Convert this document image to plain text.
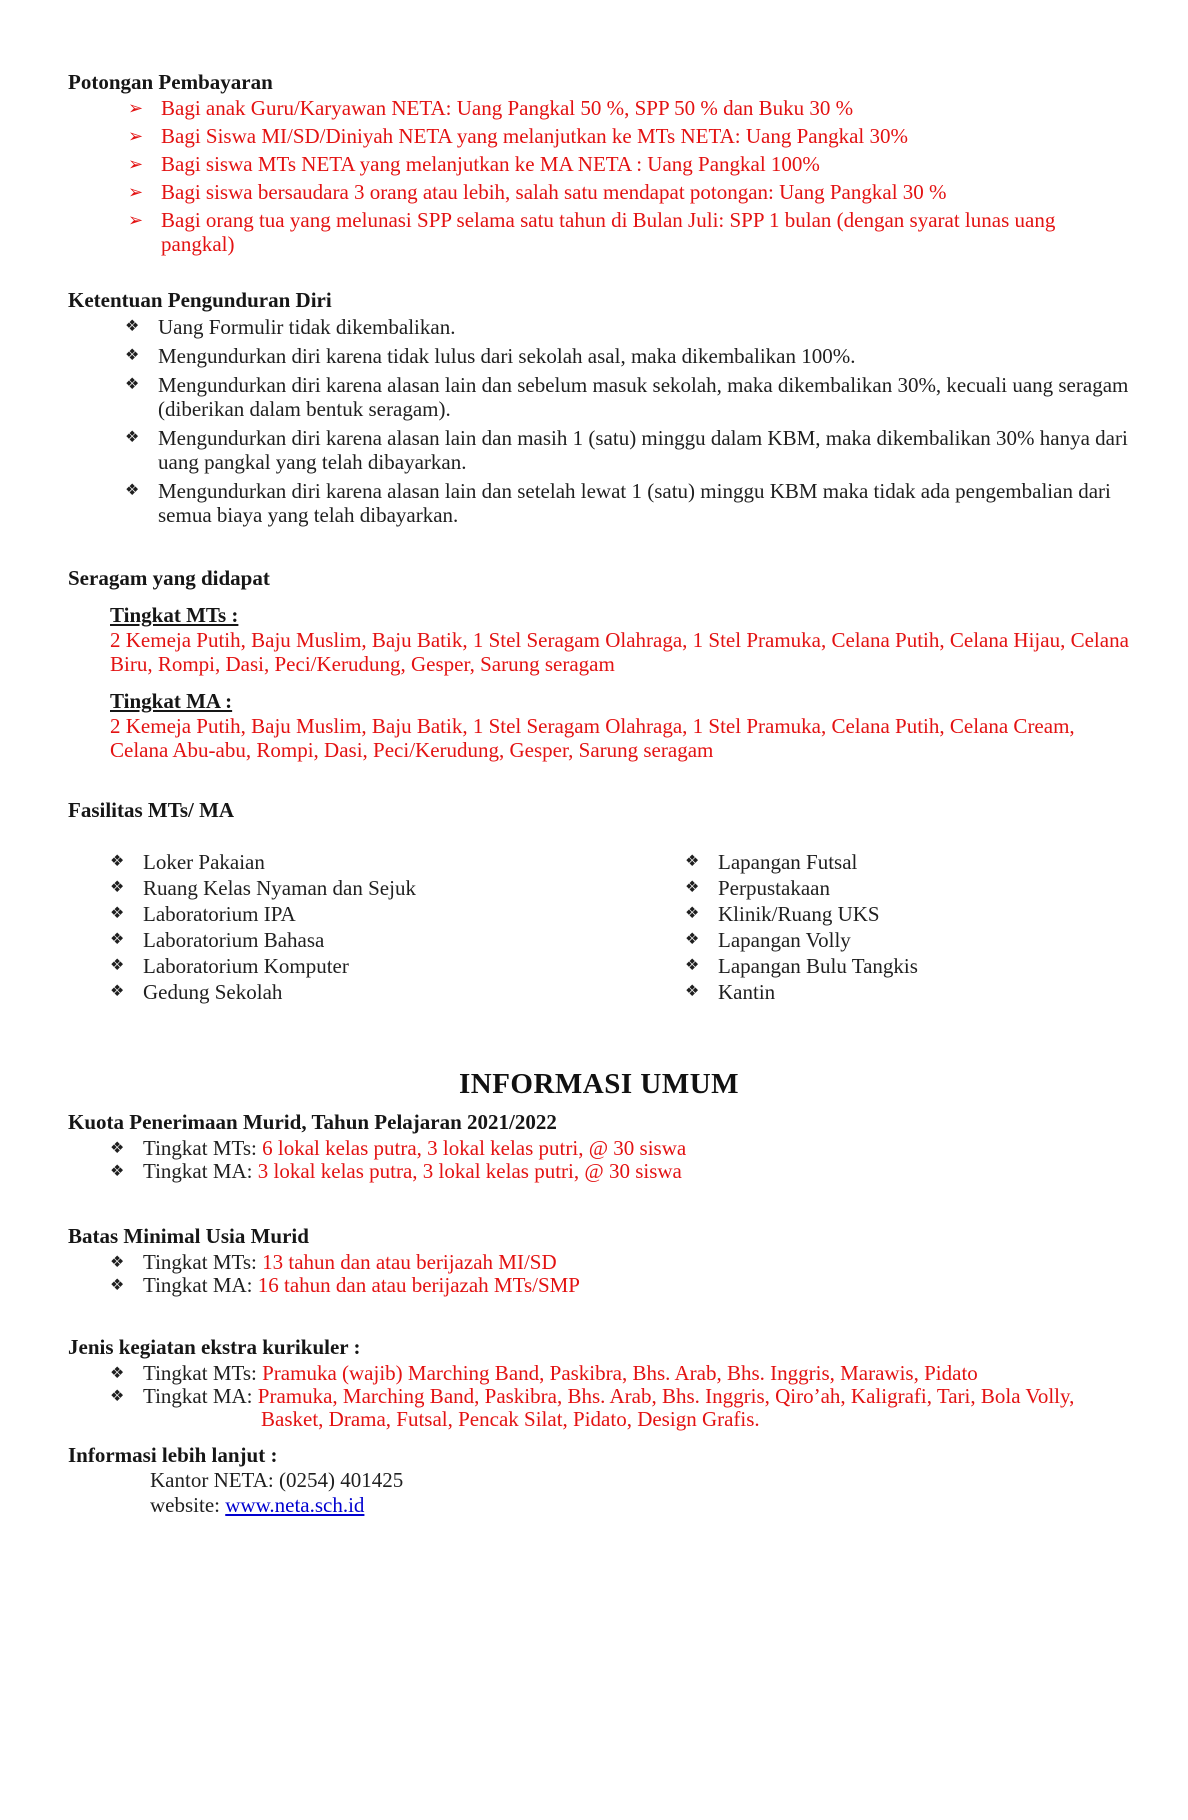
Potongan Pembayaran
➢ Bagi anak Guru/Karyawan NETA: Uang Pangkal 50 %, SPP 50 % dan Buku 30 %
➢ Bagi Siswa MI/SD/Diniyah NETA yang melanjutkan ke MTs NETA: Uang Pangkal 30%
➢ Bagi siswa MTs NETA yang melanjutkan ke MA NETA : Uang Pangkal 100%
➢ Bagi siswa bersaudara 3 orang atau lebih, salah satu mendapat potongan: Uang Pangkal 30 %
➢ Bagi orang tua yang melunasi SPP selama satu tahun di Bulan Juli: SPP 1 bulan (dengan syarat lunas uang pangkal)
Ketentuan Pengunduran Diri
❖ Uang Formulir tidak dikembalikan.
❖ Mengundurkan diri karena tidak lulus dari sekolah asal, maka dikembalikan 100%.
❖ Mengundurkan diri karena alasan lain dan sebelum masuk sekolah, maka dikembalikan 30%, kecuali uang seragam (diberikan dalam bentuk seragam).
❖ Mengundurkan diri karena alasan lain dan masih 1 (satu) minggu dalam KBM, maka dikembalikan 30% hanya dari uang pangkal yang telah dibayarkan.
❖ Mengundurkan diri karena alasan lain dan setelah lewat 1 (satu) minggu KBM maka tidak ada pengembalian dari semua biaya yang telah dibayarkan.
Seragam yang didapat
Tingkat MTs :
2 Kemeja Putih, Baju Muslim, Baju Batik, 1 Stel Seragam Olahraga, 1 Stel Pramuka, Celana Putih, Celana Hijau, Celana Biru, Rompi, Dasi, Peci/Kerudung, Gesper, Sarung seragam
Tingkat MA :
2 Kemeja Putih, Baju Muslim, Baju Batik, 1 Stel Seragam Olahraga, 1 Stel Pramuka, Celana Putih, Celana Cream, Celana Abu-abu, Rompi, Dasi, Peci/Kerudung, Gesper, Sarung seragam
Fasilitas MTs/ MA
❖ Loker Pakaian
❖ Ruang Kelas Nyaman dan Sejuk
❖ Laboratorium IPA
❖ Laboratorium Bahasa
❖ Laboratorium Komputer
❖ Gedung Sekolah
❖ Lapangan Futsal
❖ Perpustakaan
❖ Klinik/Ruang UKS
❖ Lapangan Volly
❖ Lapangan Bulu Tangkis
❖ Kantin
INFORMASI UMUM
Kuota Penerimaan Murid, Tahun Pelajaran 2021/2022
❖ Tingkat MTs: 6 lokal kelas putra, 3 lokal kelas putri, @ 30 siswa
❖ Tingkat MA: 3 lokal kelas putra, 3 lokal kelas putri, @ 30 siswa
Batas Minimal Usia Murid
❖ Tingkat MTs: 13 tahun dan atau berijazah MI/SD
❖ Tingkat MA: 16 tahun dan atau berijazah MTs/SMP
Jenis kegiatan ekstra kurikuler :
❖ Tingkat MTs: Pramuka (wajib) Marching Band, Paskibra, Bhs. Arab, Bhs. Inggris, Marawis, Pidato
❖ Tingkat MA: Pramuka, Marching Band, Paskibra, Bhs. Arab, Bhs. Inggris, Qiro’ah, Kaligrafi, Tari, Bola Volly, Basket, Drama, Futsal, Pencak Silat, Pidato, Design Grafis.
Informasi lebih lanjut :
Kantor NETA: (0254) 401425
website: www.neta.sch.id
